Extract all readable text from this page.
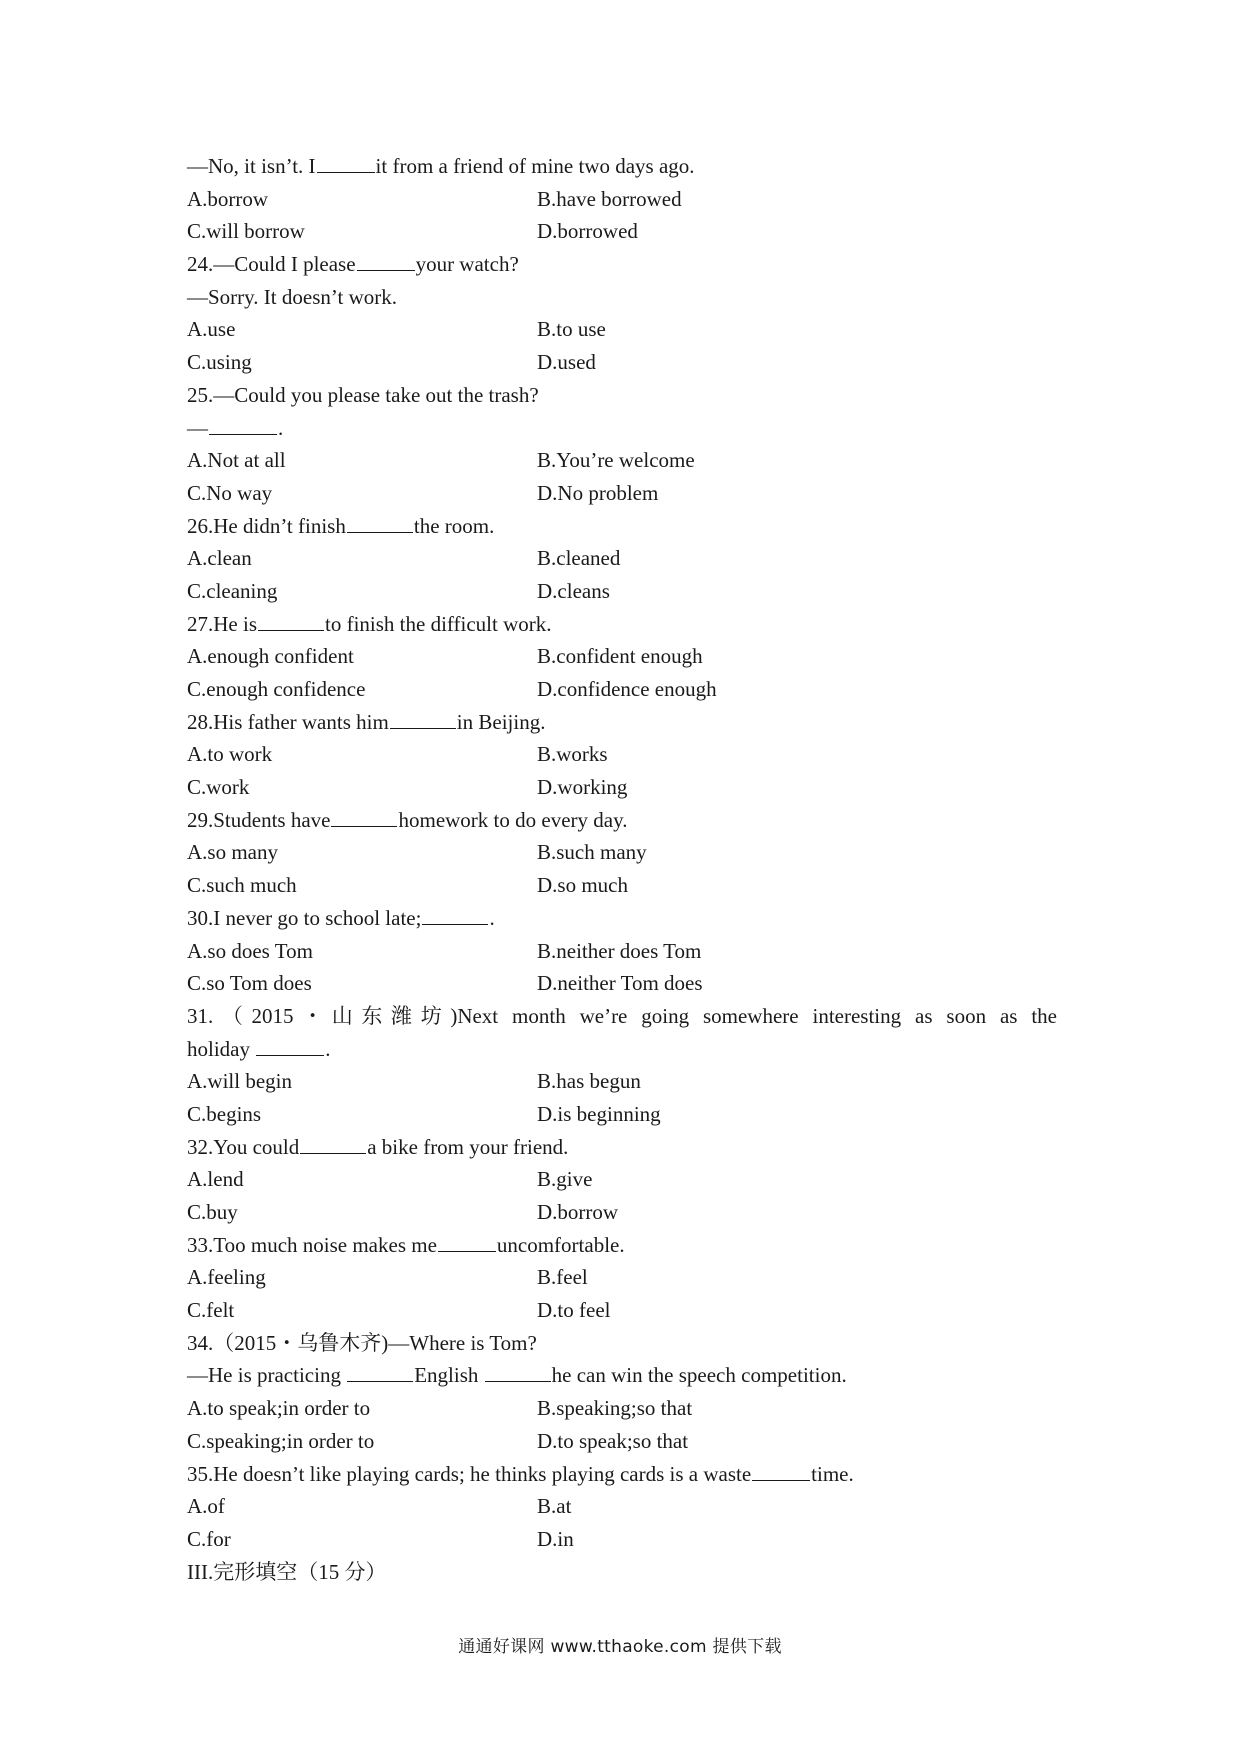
—No, it isn’t. I	it from a friend of mine two days ago.
A.borrow	B.have borrowed
C.will borrow	D.borrowed
24.—Could I please	your watch?
—Sorry. It doesn’t work.
A.use	B.to use
C.using	D.used
25.—Could you please take out the trash?
—	.
A.Not at all	B.You’re welcome
C.No way	D.No problem
26.He didn’t finish	the room.
A.clean	B.cleaned
C.cleaning	D.cleans
27.He is	to finish the difficult work.
A.enough confident	B.confident enough
C.enough confidence	D.confidence enough
28.His father wants him	in Beijing.
A.to work	B.works
C.work	D.working
29.Students have	homework to do every day.
A.so many	B.such many
C.such much	D.so much
30.I never go to school late;	.
A.so does Tom	B.neither does Tom
C.so Tom does	D.neither Tom does
31.（2015・山东潍坊)Next month we’re going somewhere interesting as soon as the
holiday	.
A.will begin	B.has begun
C.begins	D.is beginning
32.You could	a bike from your friend.
A.lend	B.give
C.buy	D.borrow
33.Too much noise makes me	uncomfortable.
A.feeling	B.feel
C.felt	D.to feel
34.（2015・乌鲁木齐)—Where is Tom?
—He is practicing	English	he can win the speech competition.
A.to speak;in order to	B.speaking;so that
C.speaking;in order to	D.to speak;so that
35.He doesn’t like playing cards; he thinks playing cards is a waste	time.
A.of	B.at
C.for	D.in
III.完形填空（15 分）
通通好课网 www.tthaoke.com 提供下载
